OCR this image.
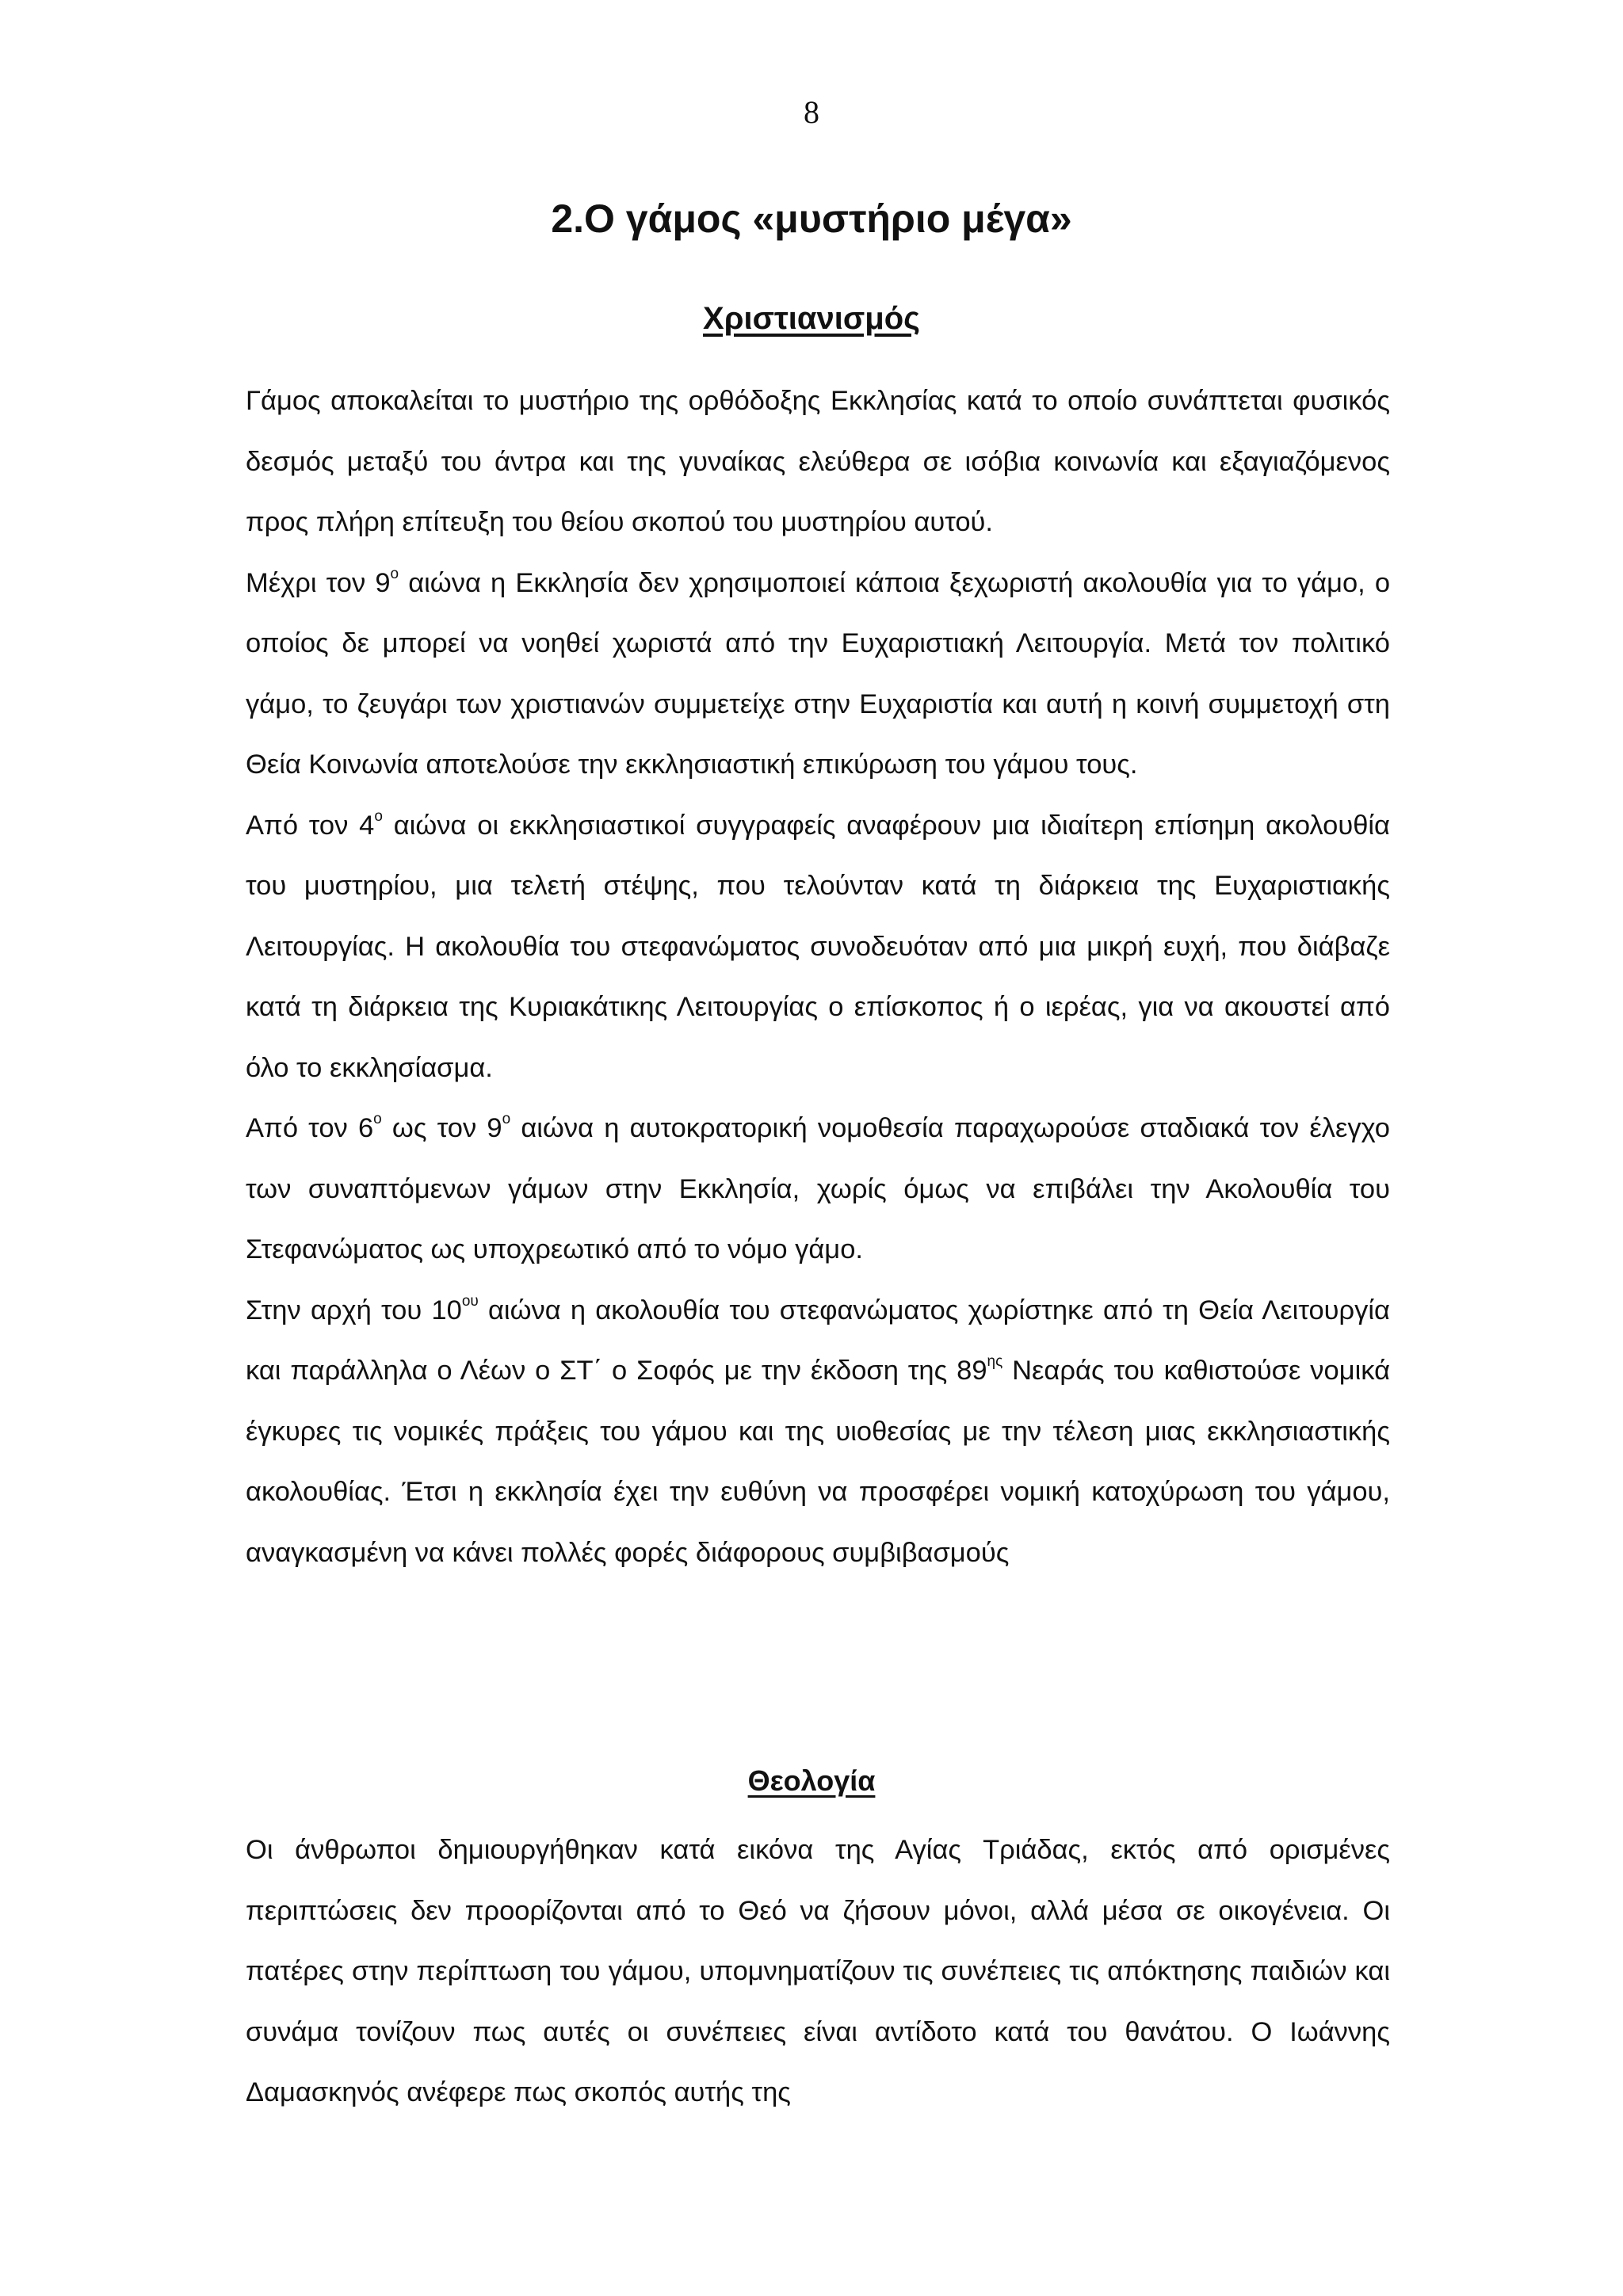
8
2.Ο γάμος «μυστήριο μέγα»
Χριστιανισμός

Γάμος αποκαλείται το μυστήριο της ορθόδοξης Εκκλησίας κατά το οποίο συνάπτεται φυσικός δεσμός μεταξύ του άντρα και της γυναίκας ελεύθερα σε ισόβια κοινωνία και εξαγιαζόμενος προς πλήρη επίτευξη του θείου σκοπού του μυστηρίου αυτού.

Μέχρι τον $9^o$ αιώνα η Εκκλησία δεν χρησιμοποιεί κάποια ξεχωριστή ακολουθία για το γάμο, ο οποίος δε μπορεί να νοηθεί χωριστά από την Ευχαριστιακή Λειτουργία. Μετά τον πολιτικό γάμο, το ζευγάρι των χριστιανών συμμετείχε στην Ευχαριστία και αυτή η κοινή συμμετοχή στη Θεία Κοινωνία αποτελούσε την εκκλησιαστική επικύρωση του γάμου τους.

Από τον $4^o$ αιώνα οι εκκλησιαστικοί συγγραφείς αναφέρουν μια ιδιαίτερη επίσημη ακολουθία του μυστηρίου, μια τελετή στέψης, που τελούνταν κατά τη διάρκεια της Ευχαριστιακής Λειτουργίας. Η ακολουθία του στεφανώματος συνοδευόταν από μια μικρή ευχή, που διάβαζε κατά τη διάρκεια της Κυριακάτικης Λειτουργίας ο επίσκοπος ή ο ιερέας, για να ακουστεί από όλο το εκκλησίασμα.

Από τον $6^o$ ως τον $9^o$ αιώνα η αυτοκρατορική νομοθεσία παραχωρούσε σταδιακά τον έλεγχο των συναπτόμενων γάμων στην Εκκλησία, χωρίς όμως να επιβάλει την Ακολουθία του Στεφανώματος ως υποχρεωτικό από το νόμο γάμο.

Στην αρχή του $10^{o\upsilon}$ αιώνα η ακολουθία του στεφανώματος χωρίστηκε από τη Θεία Λειτουργία και παράλληλα ο Λέων ο ΣΤ΄ ο Σοφός με την έκδοση της $89^{\eta\varsigma}$ Νεαράς του καθιστούσε νομικά έγκυρες τις νομικές πράξεις του γάμου και της υιοθεσίας με την τέλεση μιας εκκλησιαστικής ακολουθίας. Έτσι η εκκλησία έχει την ευθύνη να προσφέρει νομική κατοχύρωση του γάμου, αναγκασμένη να κάνει πολλές φορές διάφορους συμβιβασμούς

Θεολογία

Οι άνθρωποι δημιουργήθηκαν κατά εικόνα της Αγίας Τριάδας, εκτός από ορισμένες περιπτώσεις δεν προορίζονται από το Θεό να ζήσουν μόνοι, αλλά μέσα σε οικογένεια. Οι πατέρες στην περίπτωση του γάμου, υπομνηματίζουν τις συνέπειες τις απόκτησης παιδιών και συνάμα τονίζουν πως αυτές οι συνέπειες είναι αντίδοτο κατά του θανάτου. Ο Ιωάννης Δαμασκηνός ανέφερε πως σκοπός αυτής της
